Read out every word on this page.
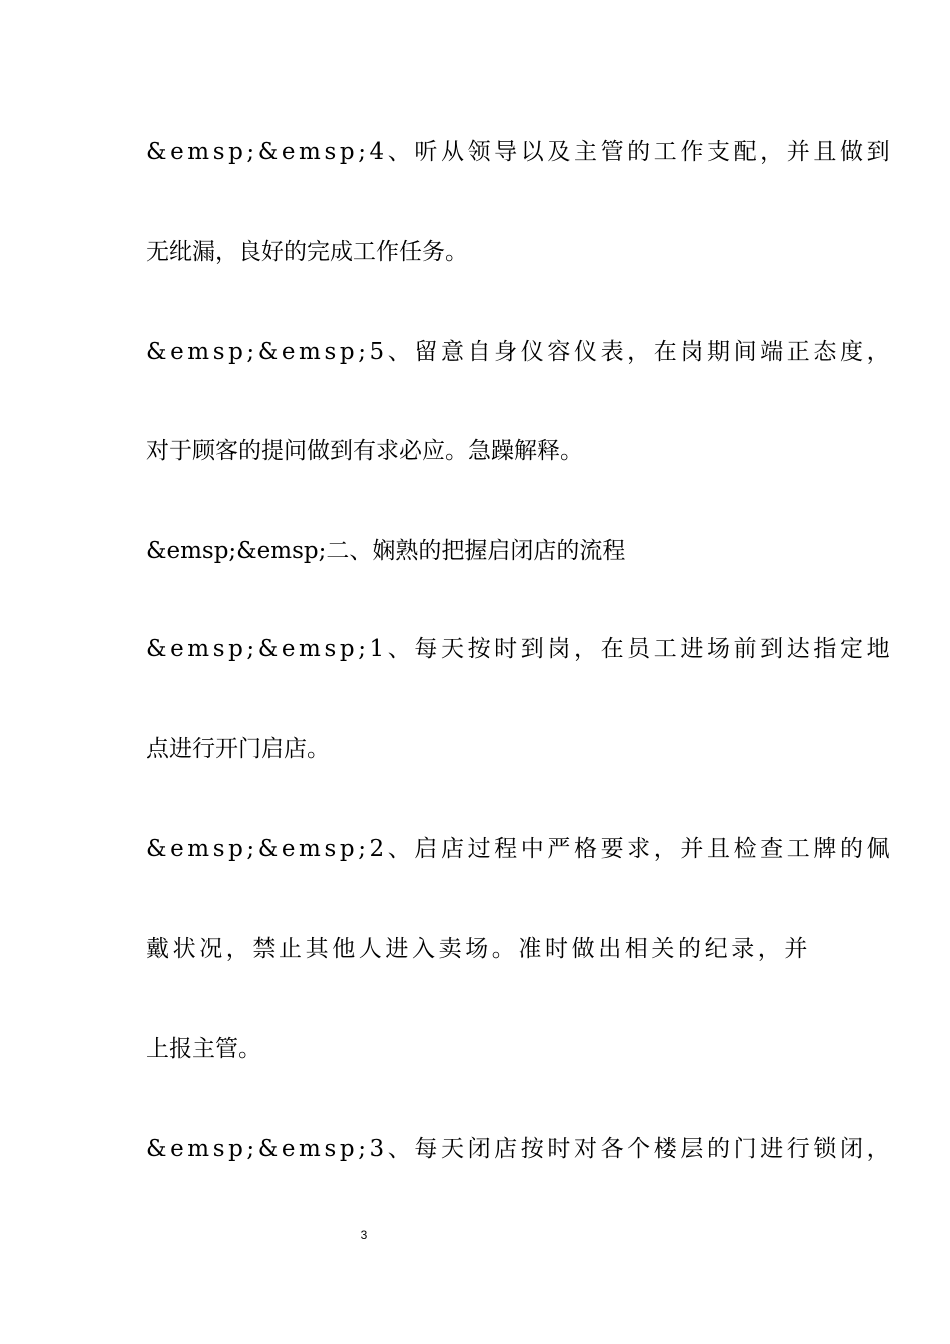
&emsp;&emsp;4、听从领导以及主管的工作支配，并且做到
无纰漏，良好的完成工作任务。
&emsp;&emsp;5、留意自身仪容仪表，在岗期间端正态度，
对于顾客的提问做到有求必应。急躁解释。
&emsp;&emsp;二、娴熟的把握启闭店的流程
&emsp;&emsp;1、每天按时到岗，在员工进场前到达指定地
点进行开门启店。
&emsp;&emsp;2、启店过程中严格要求，并且检查工牌的佩
戴状况，禁止其他人进入卖场。准时做出相关的纪录，并
上报主管。
&emsp;&emsp;3、每天闭店按时对各个楼层的门进行锁闭，
3
